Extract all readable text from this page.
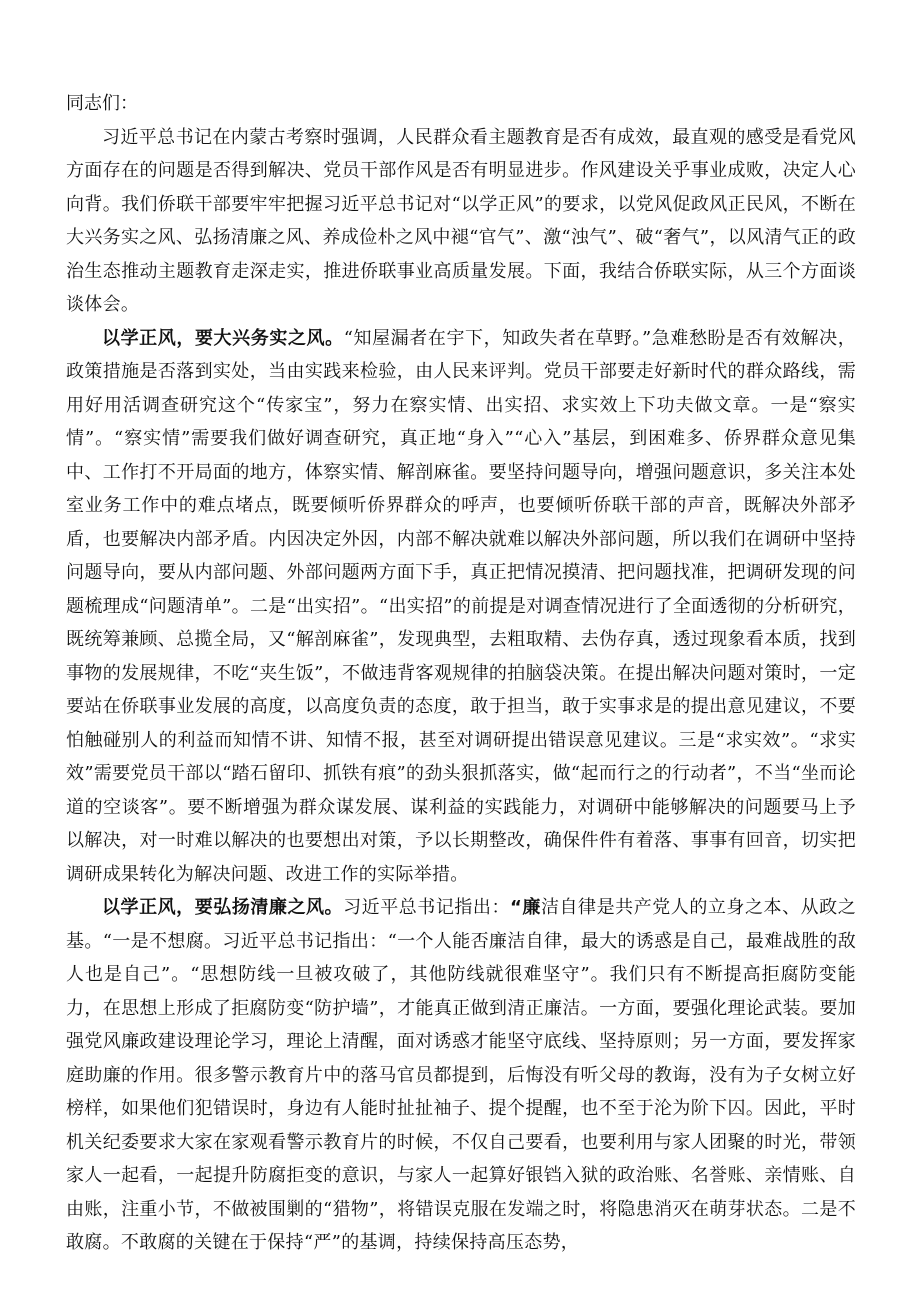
同志们：

习近平总书记在内蒙古考察时强调，人民群众看主题教育是否有成效，最直观的感受是看党风方面存在的问题是否得到解决、党员干部作风是否有明显进步。作风建设关乎事业成败，决定人心向背。我们侨联干部要牢牢把握习近平总书记对“以学正风”的要求，以党风促政风正民风，不断在大兴务实之风、弘扬清廉之风、养成俭朴之风中褪“官气”、激“浊气”、破“奢气”，以风清气正的政治生态推动主题教育走深走实，推进侨联事业高质量发展。下面，我结合侨联实际，从三个方面谈谈体会。

以学正风，要大兴务实之风。“知屋漏者在宇下，知政失者在草野。”急难愁盼是否有效解决，政策措施是否落到实处，当由实践来检验，由人民来评判。党员干部要走好新时代的群众路线，需用好用活调查研究这个“传家宝”，努力在察实情、出实招、求实效上下功夫做文章。一是“察实情”。“察实情”需要我们做好调查研究，真正地“身入”“心入”基层，到困难多、侨界群众意见集中、工作打不开局面的地方，体察实情、解剖麻雀。要坚持问题导向，增强问题意识，多关注本处室业务工作中的难点堵点，既要倾听侨界群众的呼声，也要倾听侨联干部的声音，既解决外部矛盾，也要解决内部矛盾。内因决定外因，内部不解决就难以解决外部问题，所以我们在调研中坚持问题导向，要从内部问题、外部问题两方面下手，真正把情况摸清、把问题找准，把调研发现的问题梳理成“问题清单”。二是“出实招”。“出实招”的前提是对调查情况进行了全面透彻的分析研究，既统筹兼顾、总揽全局，又“解剖麻雀”，发现典型，去粗取精、去伪存真，透过现象看本质，找到事物的发展规律，不吃“夹生饭”，不做违背客观规律的拍脑袋决策。在提出解决问题对策时，一定要站在侨联事业发展的高度，以高度负责的态度，敢于担当，敢于实事求是的提出意见建议，不要怕触碰别人的利益而知情不讲、知情不报，甚至对调研提出错误意见建议。三是“求实效”。“求实效”需要党员干部以“踏石留印、抓铁有痕”的劲头狠抓落实，做“起而行之的行动者”，不当“坐而论道的空谈客”。要不断增强为群众谋发展、谋利益的实践能力，对调研中能够解决的问题要马上予以解决，对一时难以解决的也要想出对策，予以长期整改，确保件件有着落、事事有回音，切实把调研成果转化为解决问题、改进工作的实际举措。

以学正风，要弘扬清廉之风。习近平总书记指出：“廉洁自律是共产党人的立身之本、从政之基。“一是不想腐。习近平总书记指出：“一个人能否廉洁自律，最大的诱惑是自己，最难战胜的敌人也是自己”。“思想防线一旦被攻破了，其他防线就很难坚守”。我们只有不断提高拒腐防变能力，在思想上形成了拒腐防变“防护墙”，才能真正做到清正廉洁。一方面，要强化理论武装。要加强党风廉政建设理论学习，理论上清醒，面对诱惑才能坚守底线、坚持原则；另一方面，要发挥家庭助廉的作用。很多警示教育片中的落马官员都提到，后悔没有听父母的教诲，没有为子女树立好榜样，如果他们犯错误时，身边有人能时扯扯袖子、提个提醒，也不至于沦为阶下囚。因此，平时机关纪委要求大家在家观看警示教育片的时候，不仅自己要看，也要利用与家人团聚的时光，带领家人一起看，一起提升防腐拒变的意识，与家人一起算好银铛入狱的政治账、名誉账、亲情账、自由账，注重小节，不做被围剿的“猎物”，将错误克服在发端之时，将隐患消灭在萌芽状态。二是不敢腐。不敢腐的关键在于保持“严”的基调，持续保持高压态势，
